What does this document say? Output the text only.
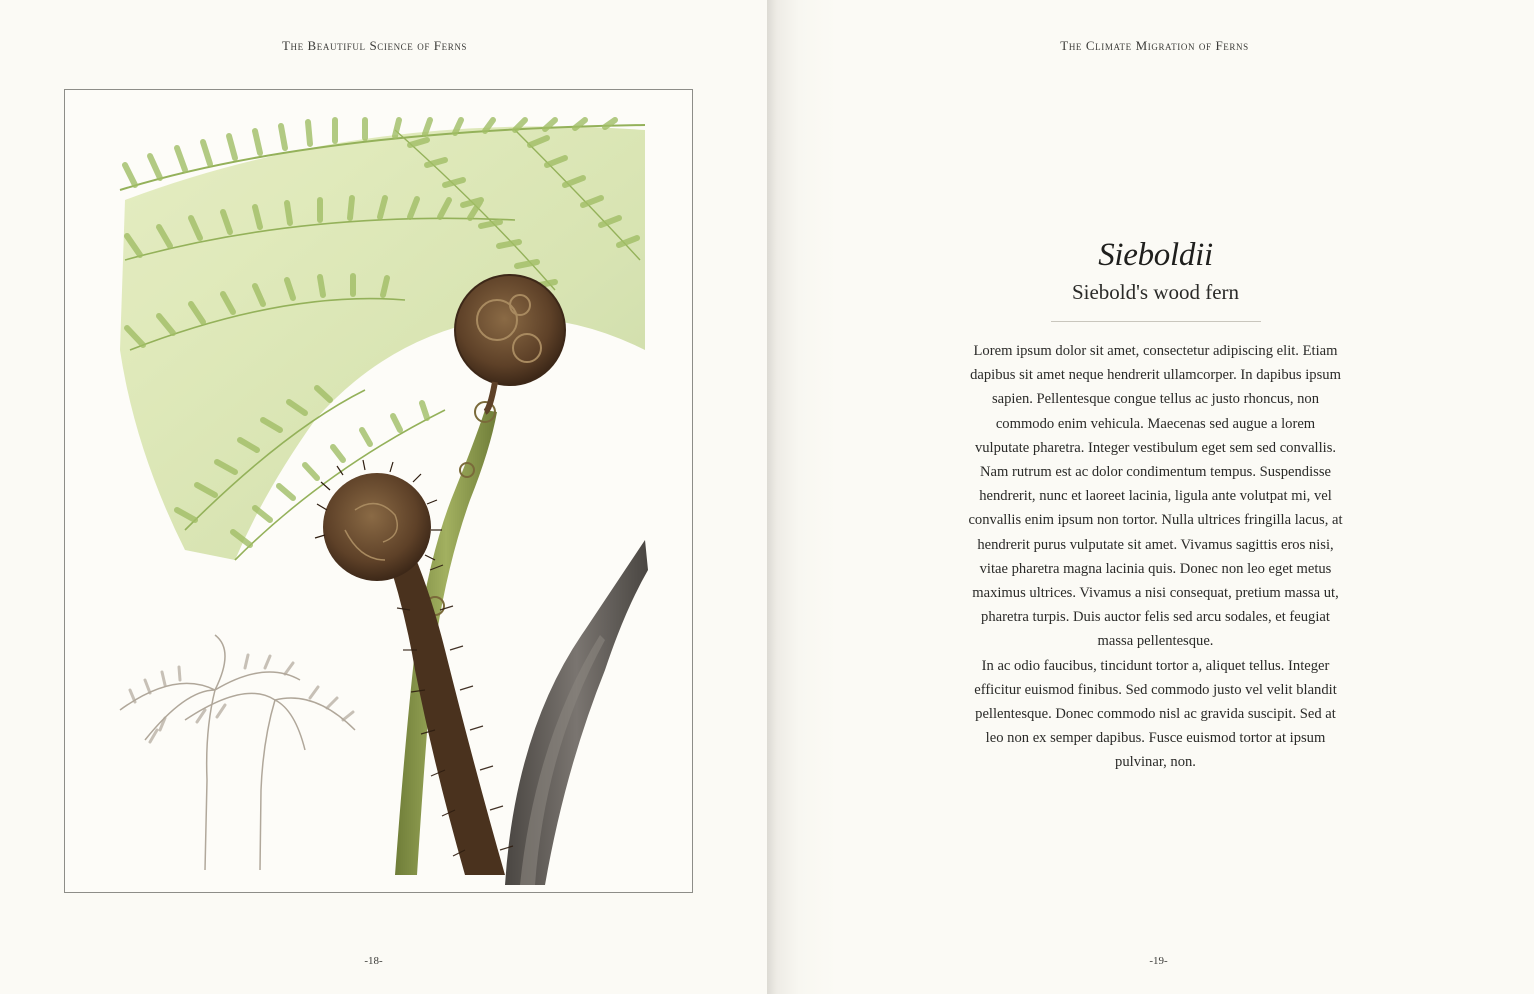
The Beautiful Science of Ferns
-18-
The Climate Migration of Ferns
Sieboldii
Siebold's wood fern

Lorem ipsum dolor sit amet, consectetur adipiscing elit. Etiam dapibus sit amet neque hendrerit ullamcorper. In dapibus ipsum sapien. Pellentesque congue tellus ac justo rhoncus, non commodo enim vehicula. Maecenas sed augue a lorem vulputate pharetra. Integer vestibulum eget sem sed convallis. Nam rutrum est ac dolor condimentum tempus. Suspendisse hendrerit, nunc et laoreet lacinia, ligula ante volutpat mi, vel convallis enim ipsum non tortor. Nulla ultrices fringilla lacus, at hendrerit purus vulputate sit amet. Vivamus sagittis eros nisi, vitae pharetra magna lacinia quis. Donec non leo eget metus maximus ultrices. Vivamus a nisi consequat, pretium massa ut, pharetra turpis. Duis auctor felis sed arcu sodales, et feugiat massa pellentesque.

In ac odio faucibus, tincidunt tortor a, aliquet tellus. Integer efficitur euismod finibus. Sed commodo justo vel velit blandit pellentesque. Donec commodo nisl ac gravida suscipit. Sed at leo non ex semper dapibus. Fusce euismod tortor at ipsum pulvinar, non.

-19-
